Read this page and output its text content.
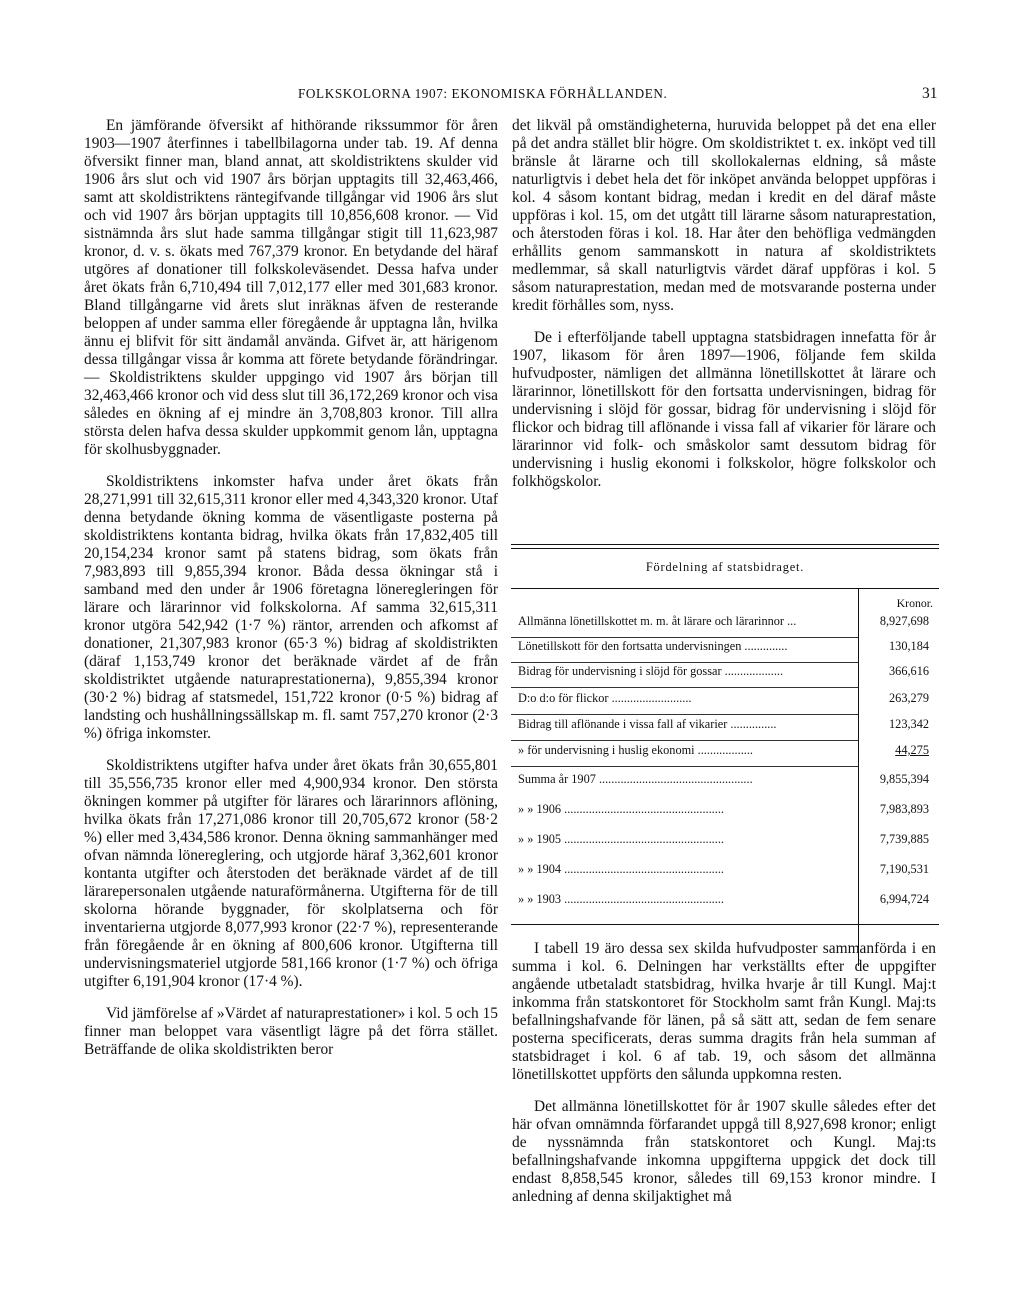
FOLKSKOLORNA 1907: EKONOMISKA FÖRHÅLLANDEN.	31

En jämförande öfversikt af hithörande rikssummor för åren 1903—1907 återfinnes i tabellbilagorna under tab. 19. Af denna öfversikt finner man, bland annat, att skoldistriktens skulder vid 1906 års slut och vid 1907 års början upptagits till 32,463,466, samt att skoldistriktens räntegifvande tillgångar vid 1906 års slut och vid 1907 års början upptagits till 10,856,608 kronor. — Vid sistnämnda års slut hade samma tillgångar stigit till 11,623,987 kronor, d. v. s. ökats med 767,379 kronor. En betydande del häraf utgöres af donationer till folkskoleväsendet. Dessa hafva under året ökats från 6,710,494 till 7,012,177 eller med 301,683 kronor. Bland tillgångarne vid årets slut inräknas äfven de resterande beloppen af under samma eller föregående år upptagna lån, hvilka ännu ej blifvit för sitt ändamål använda. Gifvet är, att härigenom dessa tillgångar vissa år komma att förete betydande förändringar. — Skoldistriktens skulder uppgingo vid 1907 års början till 32,463,466 kronor och vid dess slut till 36,172,269 kronor och visa således en ökning af ej mindre än 3,708,803 kronor. Till allra största delen hafva dessa skulder uppkommit genom lån, upptagna för skolhusbyggnader.

Skoldistriktens inkomster hafva under året ökats från 28,271,991 till 32,615,311 kronor eller med 4,343,320 kronor. Utaf denna betydande ökning komma de väsentligaste posterna på skoldistriktens kontanta bidrag, hvilka ökats från 17,832,405 till 20,154,234 kronor samt på statens bidrag, som ökats från 7,983,893 till 9,855,394 kronor. Båda dessa ökningar stå i samband med den under år 1906 företagna löneregleringen för lärare och lärarinnor vid folkskolorna. Af samma 32,615,311 kronor utgöra 542,942 (1·7 %) räntor, arrenden och afkomst af donationer, 21,307,983 kronor (65·3 %) bidrag af skoldistrikten (däraf 1,153,749 kronor det beräknade värdet af de från skoldistriktet utgående naturaprestationerna), 9,855,394 kronor (30·2 %) bidrag af statsmedel, 151,722 kronor (0·5 %) bidrag af landsting och hushållningssällskap m. fl. samt 757,270 kronor (2·3 %) öfriga inkomster.

Skoldistriktens utgifter hafva under året ökats från 30,655,801 till 35,556,735 kronor eller med 4,900,934 kronor. Den största ökningen kommer på utgifter för lärares och lärarinnors aflöning, hvilka ökats från 17,271,086 kronor till 20,705,672 kronor (58·2 %) eller med 3,434,586 kronor. Denna ökning sammanhänger med ofvan nämnda lönereglering, och utgjorde häraf 3,362,601 kronor kontanta utgifter och återstoden det beräknade värdet af de till lärarepersonalen utgående naturaförmånerna. Utgifterna för de till skolorna hörande byggnader, för skolplatserna och för inventarierna utgjorde 8,077,993 kronor (22·7 %), representerande från föregående år en ökning af 800,606 kronor. Utgifterna till undervisningsmateriel utgjorde 581,166 kronor (1·7 %) och öfriga utgifter 6,191,904 kronor (17·4 %).

Vid jämförelse af »Värdet af naturaprestationer» i kol. 5 och 15 finner man beloppet vara väsentligt lägre på det förra stället. Beträffande de olika skoldistrikten beror

det likväl på omständigheterna, huruvida beloppet på det ena eller på det andra stället blir högre. Om skoldistriktet t. ex. inköpt ved till bränsle åt lärarne och till skollokalernas eldning, så måste naturligtvis i debet hela det för inköpet använda beloppet uppföras i kol. 4 såsom kontant bidrag, medan i kredit en del däraf måste uppföras i kol. 15, om det utgått till lärarne såsom naturaprestation, och återstoden föras i kol. 18. Har åter den behöfliga vedmängden erhållits genom sammanskott in natura af skoldistriktets medlemmar, så skall naturligtvis värdet däraf uppföras i kol. 5 såsom naturaprestation, medan med de motsvarande posterna under kredit förhålles som, nyss.

De i efterföljande tabell upptagna statsbidragen innefatta för år 1907, likasom för åren 1897—1906, följande fem skilda hufvudposter, nämligen det allmänna lönetillskottet åt lärare och lärarinnor, lönetillskott för den fortsatta undervisningen, bidrag för undervisning i slöjd för gossar, bidrag för undervisning i slöjd för flickor och bidrag till aflönande i vissa fall af vikarier för lärare och lärarinnor vid folk- och småskolor samt dessutom bidrag för undervisning i huslig ekonomi i folkskolor, högre folkskolor och folkhögskolor.

Fördelning af statsbidraget.
Kronor.
Allmänna lönetillskottet m. m. åt lärare och lärarinnor ...	8,927,698
Lönetillskott för den fortsatta undervisningen ..............	130,184
Bidrag för undervisning i slöjd för gossar ...................	366,616
D:o d:o för flickor ..........................	263,279
Bidrag till aflönande i vissa fall af vikarier ...............	123,342
» för undervisning i huslig ekonomi ..................	44,275
Summa år 1907 ..................................................	9,855,394
» » 1906 ....................................................	7,983,893
» » 1905 ....................................................	7,739,885
» » 1904 ....................................................	7,190,531
» » 1903 ....................................................	6,994,724

I tabell 19 äro dessa sex skilda hufvudposter sammanförda i en summa i kol. 6. Delningen har verkställts efter de uppgifter angående utbetaladt statsbidrag, hvilka hvarje år till Kungl. Maj:t inkomma från statskontoret för Stockholm samt från Kungl. Maj:ts befallningshafvande för länen, på så sätt att, sedan de fem senare posterna specificerats, deras summa dragits från hela summan af statsbidraget i kol. 6 af tab. 19, och såsom det allmänna lönetillskottet uppförts den sålunda uppkomna resten.

Det allmänna lönetillskottet för år 1907 skulle således efter det här ofvan omnämnda förfarandet uppgå till 8,927,698 kronor; enligt de nyssnämnda från statskontoret och Kungl. Maj:ts befallningshafvande inkomna uppgifterna uppgick det dock till endast 8,858,545 kronor, således till 69,153 kronor mindre. I anledning af denna skiljaktighet må
